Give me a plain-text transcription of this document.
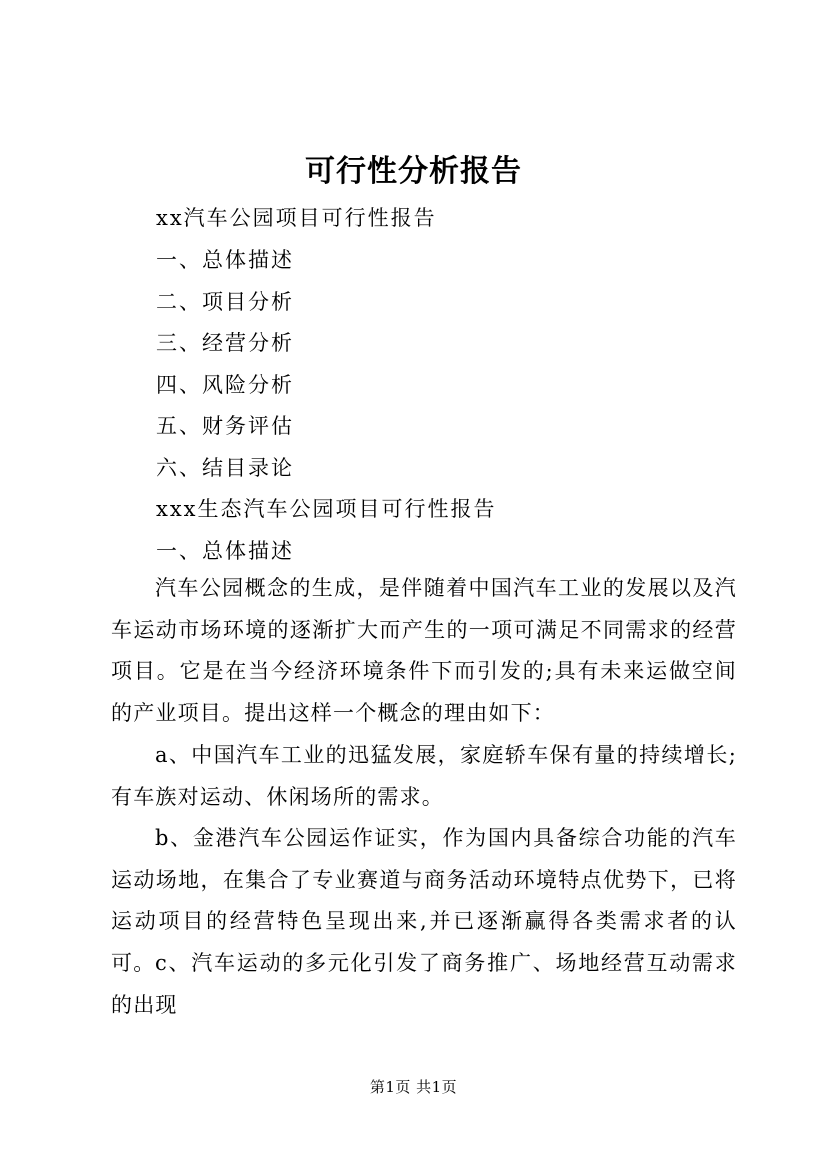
可行性分析报告
xx汽车公园项目可行性报告
一、总体描述
二、项目分析
三、经营分析
四、风险分析
五、财务评估
六、结目录论
xxx生态汽车公园项目可行性报告
一、总体描述
汽车公园概念的生成，是伴随着中国汽车工业的发展以及汽车运动市场环境的逐渐扩大而产生的一项可满足不同需求的经营项目。它是在当今经济环境条件下而引发的;具有未来运做空间的产业项目。提出这样一个概念的理由如下：
a、中国汽车工业的迅猛发展，家庭轿车保有量的持续增长;有车族对运动、休闲场所的需求。
b、金港汽车公园运作证实，作为国内具备综合功能的汽车运动场地，在集合了专业赛道与商务活动环境特点优势下，已将运动项目的经营特色呈现出来,并已逐渐赢得各类需求者的认可。 c、汽车运动的多元化引发了商务推广、场地经营互动需求的出现
第1页 共1页
